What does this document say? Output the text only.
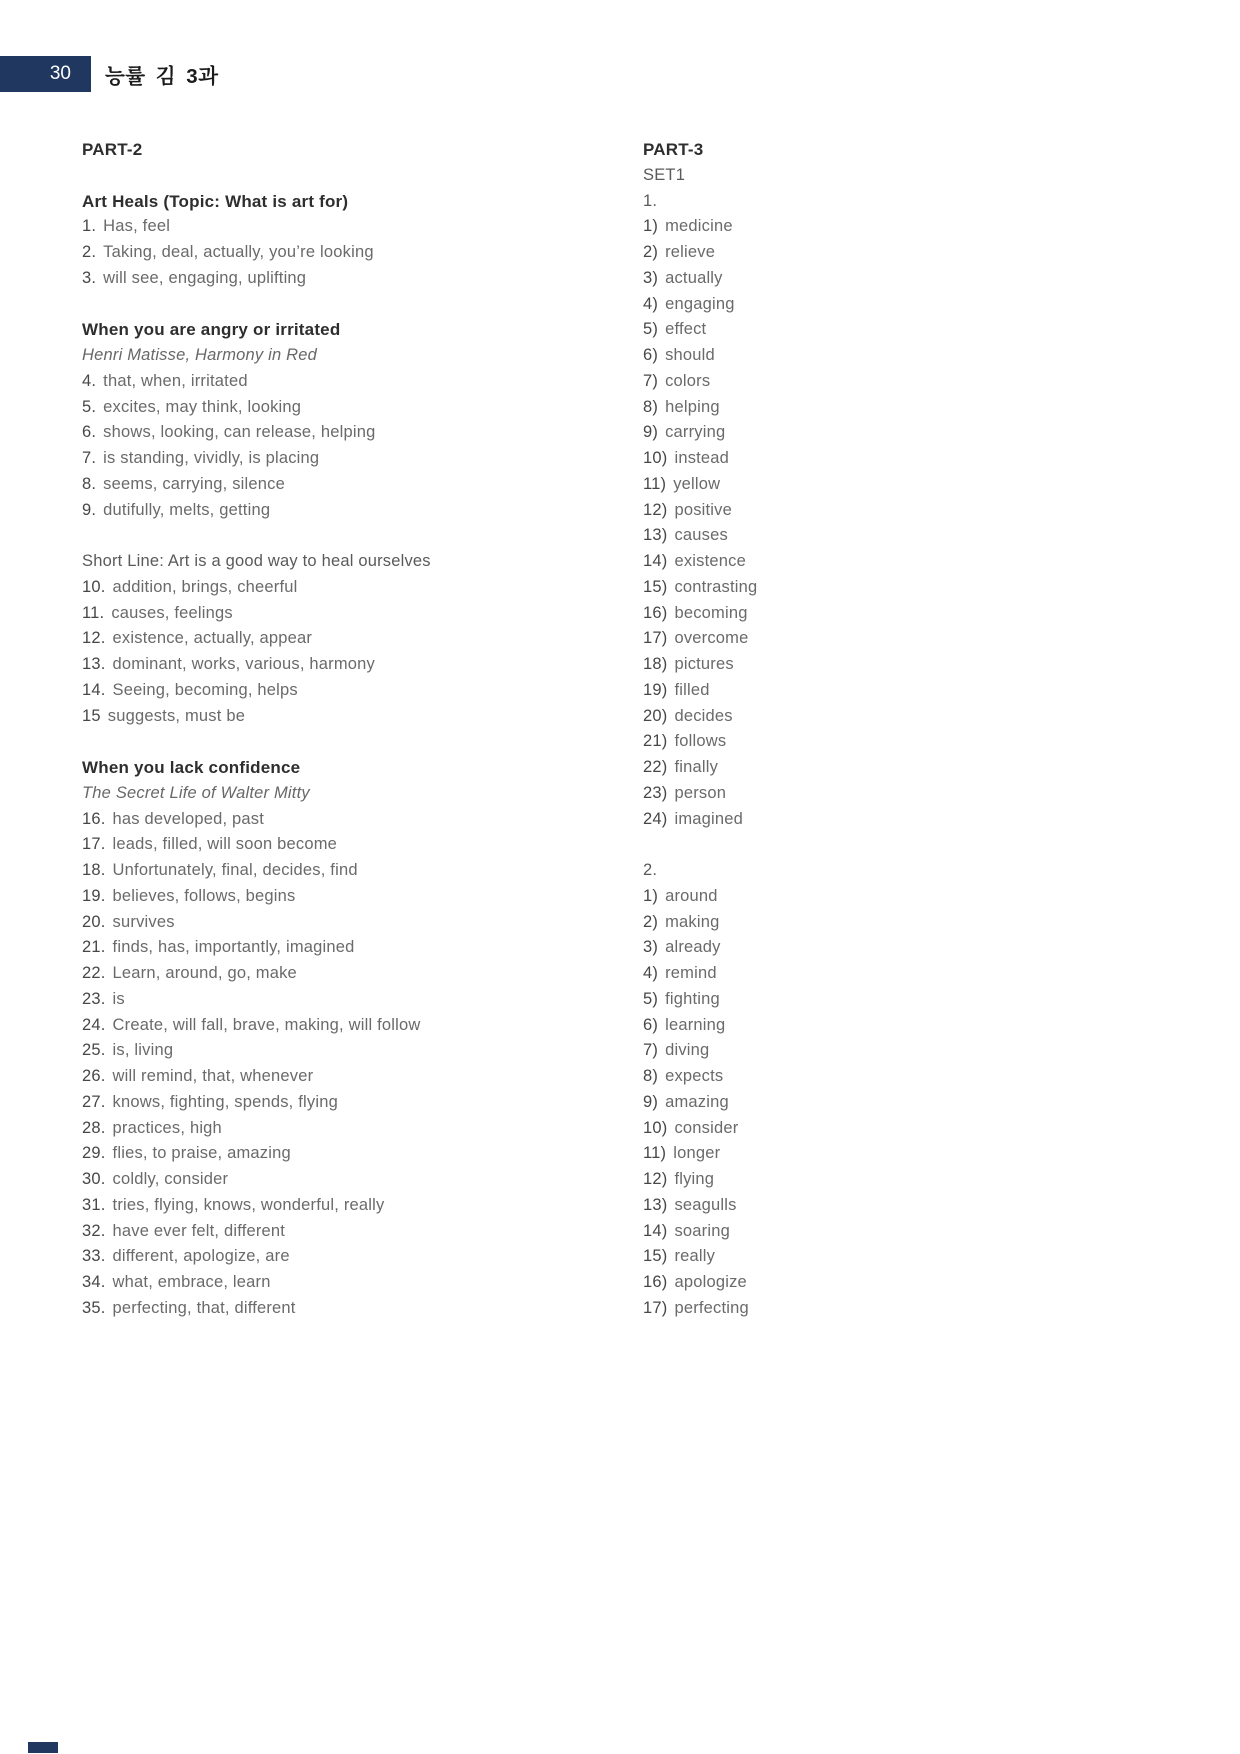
30 능률 김 3과
PART-2
Art Heals (Topic: What is art for)
1. Has, feel
2. Taking, deal, actually, you’re looking
3. will see, engaging, uplifting
When you are angry or irritated
Henri Matisse, Harmony in Red
4. that, when, irritated
5. excites, may think, looking
6. shows, looking, can release, helping
7. is standing, vividly, is placing
8. seems, carrying, silence
9. dutifully, melts, getting
Short Line: Art is a good way to heal ourselves
10. addition, brings, cheerful
11. causes, feelings
12. existence, actually, appear
13. dominant, works, various, harmony
14. Seeing, becoming, helps
15 suggests, must be
When you lack confidence
The Secret Life of Walter Mitty
16. has developed, past
17. leads, filled, will soon become
18. Unfortunately, final, decides, find
19. believes, follows, begins
20. survives
21. finds, has, importantly, imagined
22. Learn, around, go, make
23. is
24. Create, will fall, brave, making, will follow
25. is, living
26. will remind, that, whenever
27. knows, fighting, spends, flying
28. practices, high
29. flies, to praise, amazing
30. coldly, consider
31. tries, flying, knows, wonderful, really
32. have ever felt, different
33. different, apologize, are
34. what, embrace, learn
35. perfecting, that, different
PART-3
SET1
1.
1) medicine
2) relieve
3) actually
4) engaging
5) effect
6) should
7) colors
8) helping
9) carrying
10) instead
11) yellow
12) positive
13) causes
14) existence
15) contrasting
16) becoming
17) overcome
18) pictures
19) filled
20) decides
21) follows
22) finally
23) person
24) imagined
2.
1) around
2) making
3) already
4) remind
5) fighting
6) learning
7) diving
8) expects
9) amazing
10) consider
11) longer
12) flying
13) seagulls
14) soaring
15) really
16) apologize
17) perfecting
